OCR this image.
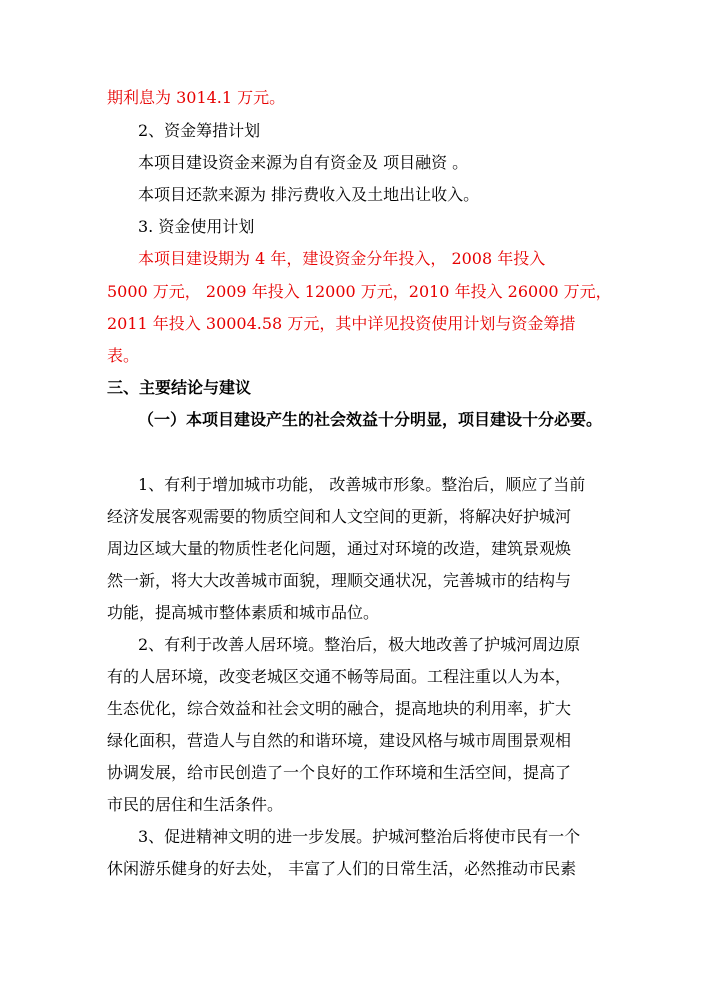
期利息为 3014.1 万元。
2、资金筹措计划
本项目建设资金来源为自有资金及 项目融资 。
本项目还款来源为 排污费收入及土地出让收入。
3. 资金使用计划
本项目建设期为 4 年，建设资金分年投入， 2008 年投入
5000 万元， 2009 年投入 12000 万元，2010 年投入 26000 万元，
2011 年投入 30004.58 万元，其中详见投资使用计划与资金筹措
表。
三、主要结论与建议
（一）本项目建设产生的社会效益十分明显，项目建设十分必要。
1、有利于增加城市功能， 改善城市形象。整治后，顺应了当前
经济发展客观需要的物质空间和人文空间的更新，将解决好护城河
周边区域大量的物质性老化问题，通过对环境的改造，建筑景观焕
然一新，将大大改善城市面貌，理顺交通状况，完善城市的结构与
功能，提高城市整体素质和城市品位。
2、有利于改善人居环境。整治后，极大地改善了护城河周边原
有的人居环境，改变老城区交通不畅等局面。工程注重以人为本，
生态优化，综合效益和社会文明的融合，提高地块的利用率，扩大
绿化面积，营造人与自然的和谐环境，建设风格与城市周围景观相
协调发展，给市民创造了一个良好的工作环境和生活空间，提高了
市民的居住和生活条件。
3、促进精神文明的进一步发展。护城河整治后将使市民有一个
休闲游乐健身的好去处， 丰富了人们的日常生活，必然推动市民素
